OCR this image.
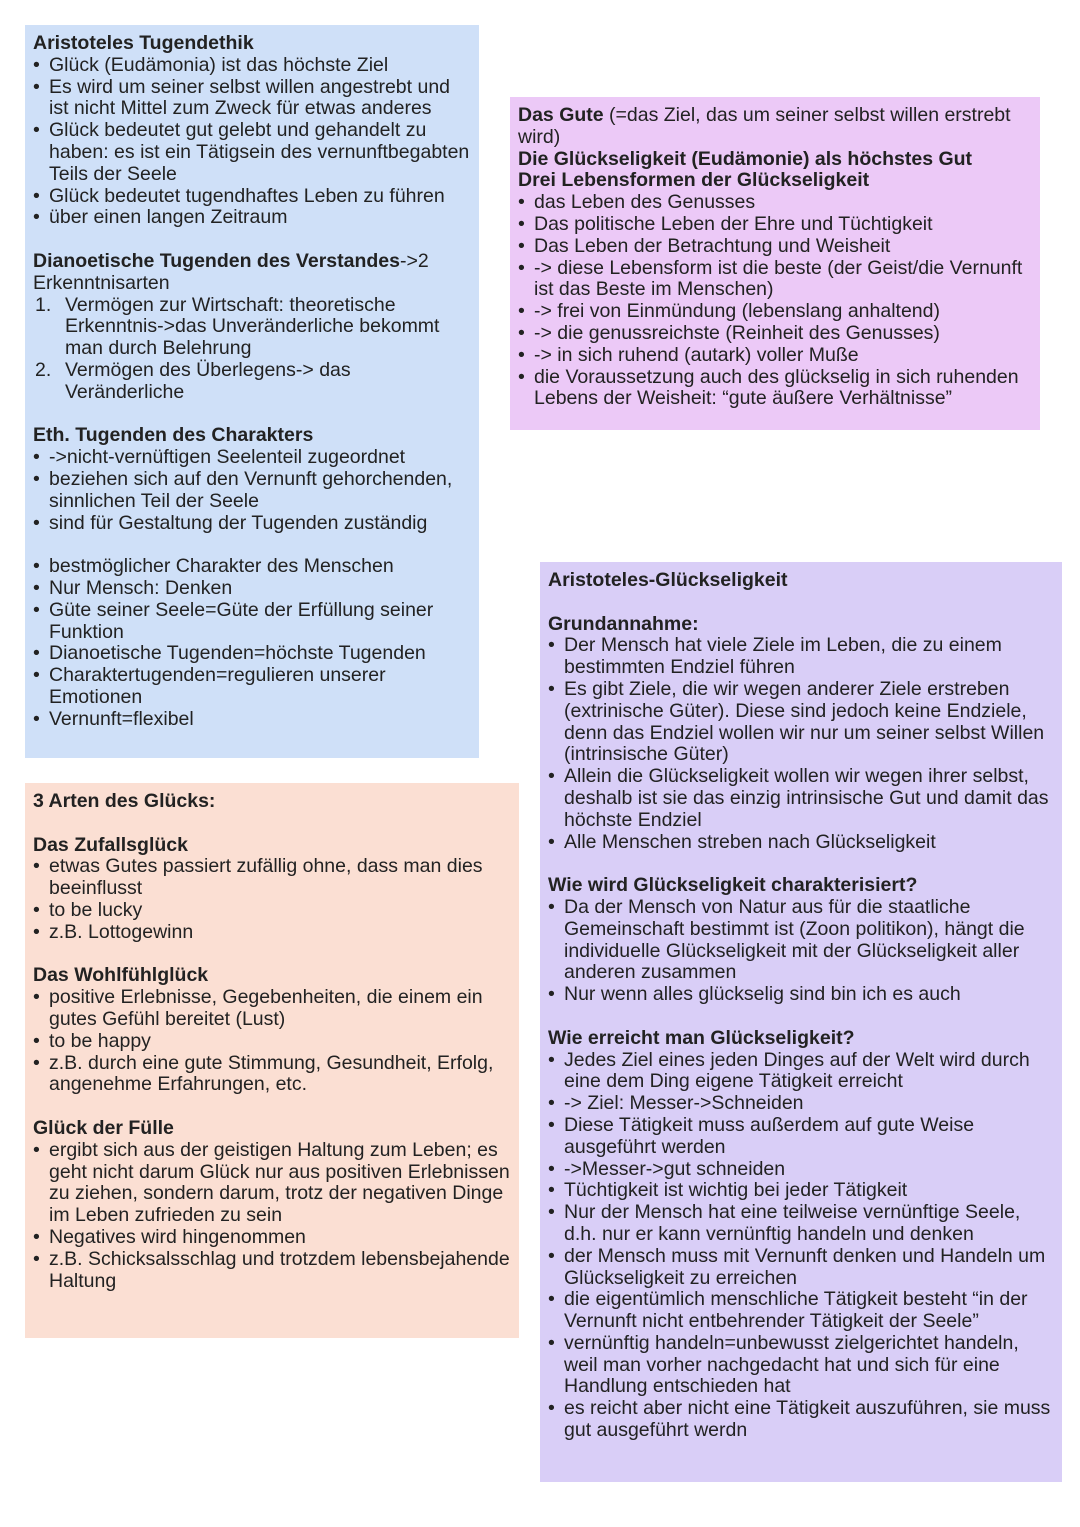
Aristoteles Tugendethik

• Glück (Eudämonia) ist das höchste Ziel
• Es wird um seiner selbst willen angestrebt und ist nicht Mittel zum Zweck für etwas anderes
• Glück bedeutet gut gelebt und gehandelt zu haben: es ist ein Tätigsein des vernunftbegabten Teils der Seele
• Glück bedeutet tugendhaftes Leben zu führen
• über einen langen Zeitraum

Dianoetische Tugenden des Verstandes->2 Erkenntnisarten

1. Vermögen zur Wirtschaft: theoretische Erkenntnis->das Unveränderliche bekommt man durch Belehrung
2. Vermögen des Überlegens-> das Veränderliche

Eth. Tugenden des Charakters

• ->nicht-vernüftigen Seelenteil zugeordnet
• beziehen sich auf den Vernunft gehorchenden, sinnlichen Teil der Seele
• sind für Gestaltung der Tugenden zuständig
• bestmöglicher Charakter des Menschen
• Nur Mensch: Denken
• Güte seiner Seele=Güte der Erfüllung seiner Funktion
• Dianoetische Tugenden=höchste Tugenden
• Charaktertugenden=regulieren unserer Emotionen
• Vernunft=flexibel

Das Gute (=das Ziel, das um seiner selbst willen erstrebt wird)

Die Glückseligkeit (Eudämonie) als höchstes Gut

Drei Lebensformen der Glückseligkeit

• das Leben des Genusses
• Das politische Leben der Ehre und Tüchtigkeit
• Das Leben der Betrachtung und Weisheit
• -> diese Lebensform ist die beste (der Geist/die Vernunft ist das Beste im Menschen)
• -> frei von Einmündung (lebenslang anhaltend)
• -> die genussreichste (Reinheit des Genusses)
• -> in sich ruhend (autark) voller Muße
• die Voraussetzung auch des glückselig in sich ruhenden Lebens der Weisheit: “gute äußere Verhältnisse”

3 Arten des Glücks:

Das Zufallsglück

• etwas Gutes passiert zufällig ohne, dass man dies beeinflusst
• to be lucky
• z.B. Lottogewinn

Das Wohlfühlglück

• positive Erlebnisse, Gegebenheiten, die einem ein gutes Gefühl bereitet (Lust)
• to be happy
• z.B. durch eine gute Stimmung, Gesundheit, Erfolg, angenehme Erfahrungen, etc.

Glück der Fülle

• ergibt sich aus der geistigen Haltung zum Leben; es geht nicht darum Glück nur aus positiven Erlebnissen zu ziehen, sondern darum, trotz der negativen Dinge im Leben zufrieden zu sein
• Negatives wird hingenommen
• z.B. Schicksalsschlag und trotzdem lebensbejahende Haltung

Aristoteles-Glückseligkeit

Grundannahme:

• Der Mensch hat viele Ziele im Leben, die zu einem bestimmten Endziel führen
• Es gibt Ziele, die wir wegen anderer Ziele erstreben (extrinische Güter). Diese sind jedoch keine Endziele, denn das Endziel wollen wir nur um seiner selbst Willen (intrinsische Güter)
• Allein die Glückseligkeit wollen wir wegen ihrer selbst, deshalb ist sie das einzig intrinsische Gut und damit das höchste Endziel
• Alle Menschen streben nach Glückseligkeit

Wie wird Glückseligkeit charakterisiert?

• Da der Mensch von Natur aus für die staatliche Gemeinschaft bestimmt ist (Zoon politikon), hängt die individuelle Glückseligkeit mit der Glückseligkeit aller anderen zusammen
• Nur wenn alles glückselig sind bin ich es auch

Wie erreicht man Glückseligkeit?

• Jedes Ziel eines jeden Dinges auf der Welt wird durch eine dem Ding eigene Tätigkeit erreicht
• -> Ziel: Messer->Schneiden
• Diese Tätigkeit muss außerdem auf gute Weise ausgeführt werden
• ->Messer->gut schneiden
• Tüchtigkeit ist wichtig bei jeder Tätigkeit
• Nur der Mensch hat eine teilweise vernünftige Seele, d.h. nur er kann vernünftig handeln und denken
• der Mensch muss mit Vernunft denken und Handeln um Glückseligkeit zu erreichen
• die eigentümlich menschliche Tätigkeit besteht “in der Vernunft nicht entbehrender Tätigkeit der Seele”
• vernünftig handeln=unbewusst zielgerichtet handeln, weil man vorher nachgedacht hat und sich für eine Handlung entschieden hat
• es reicht aber nicht eine Tätigkeit auszuführen, sie muss gut ausgeführt werdn
